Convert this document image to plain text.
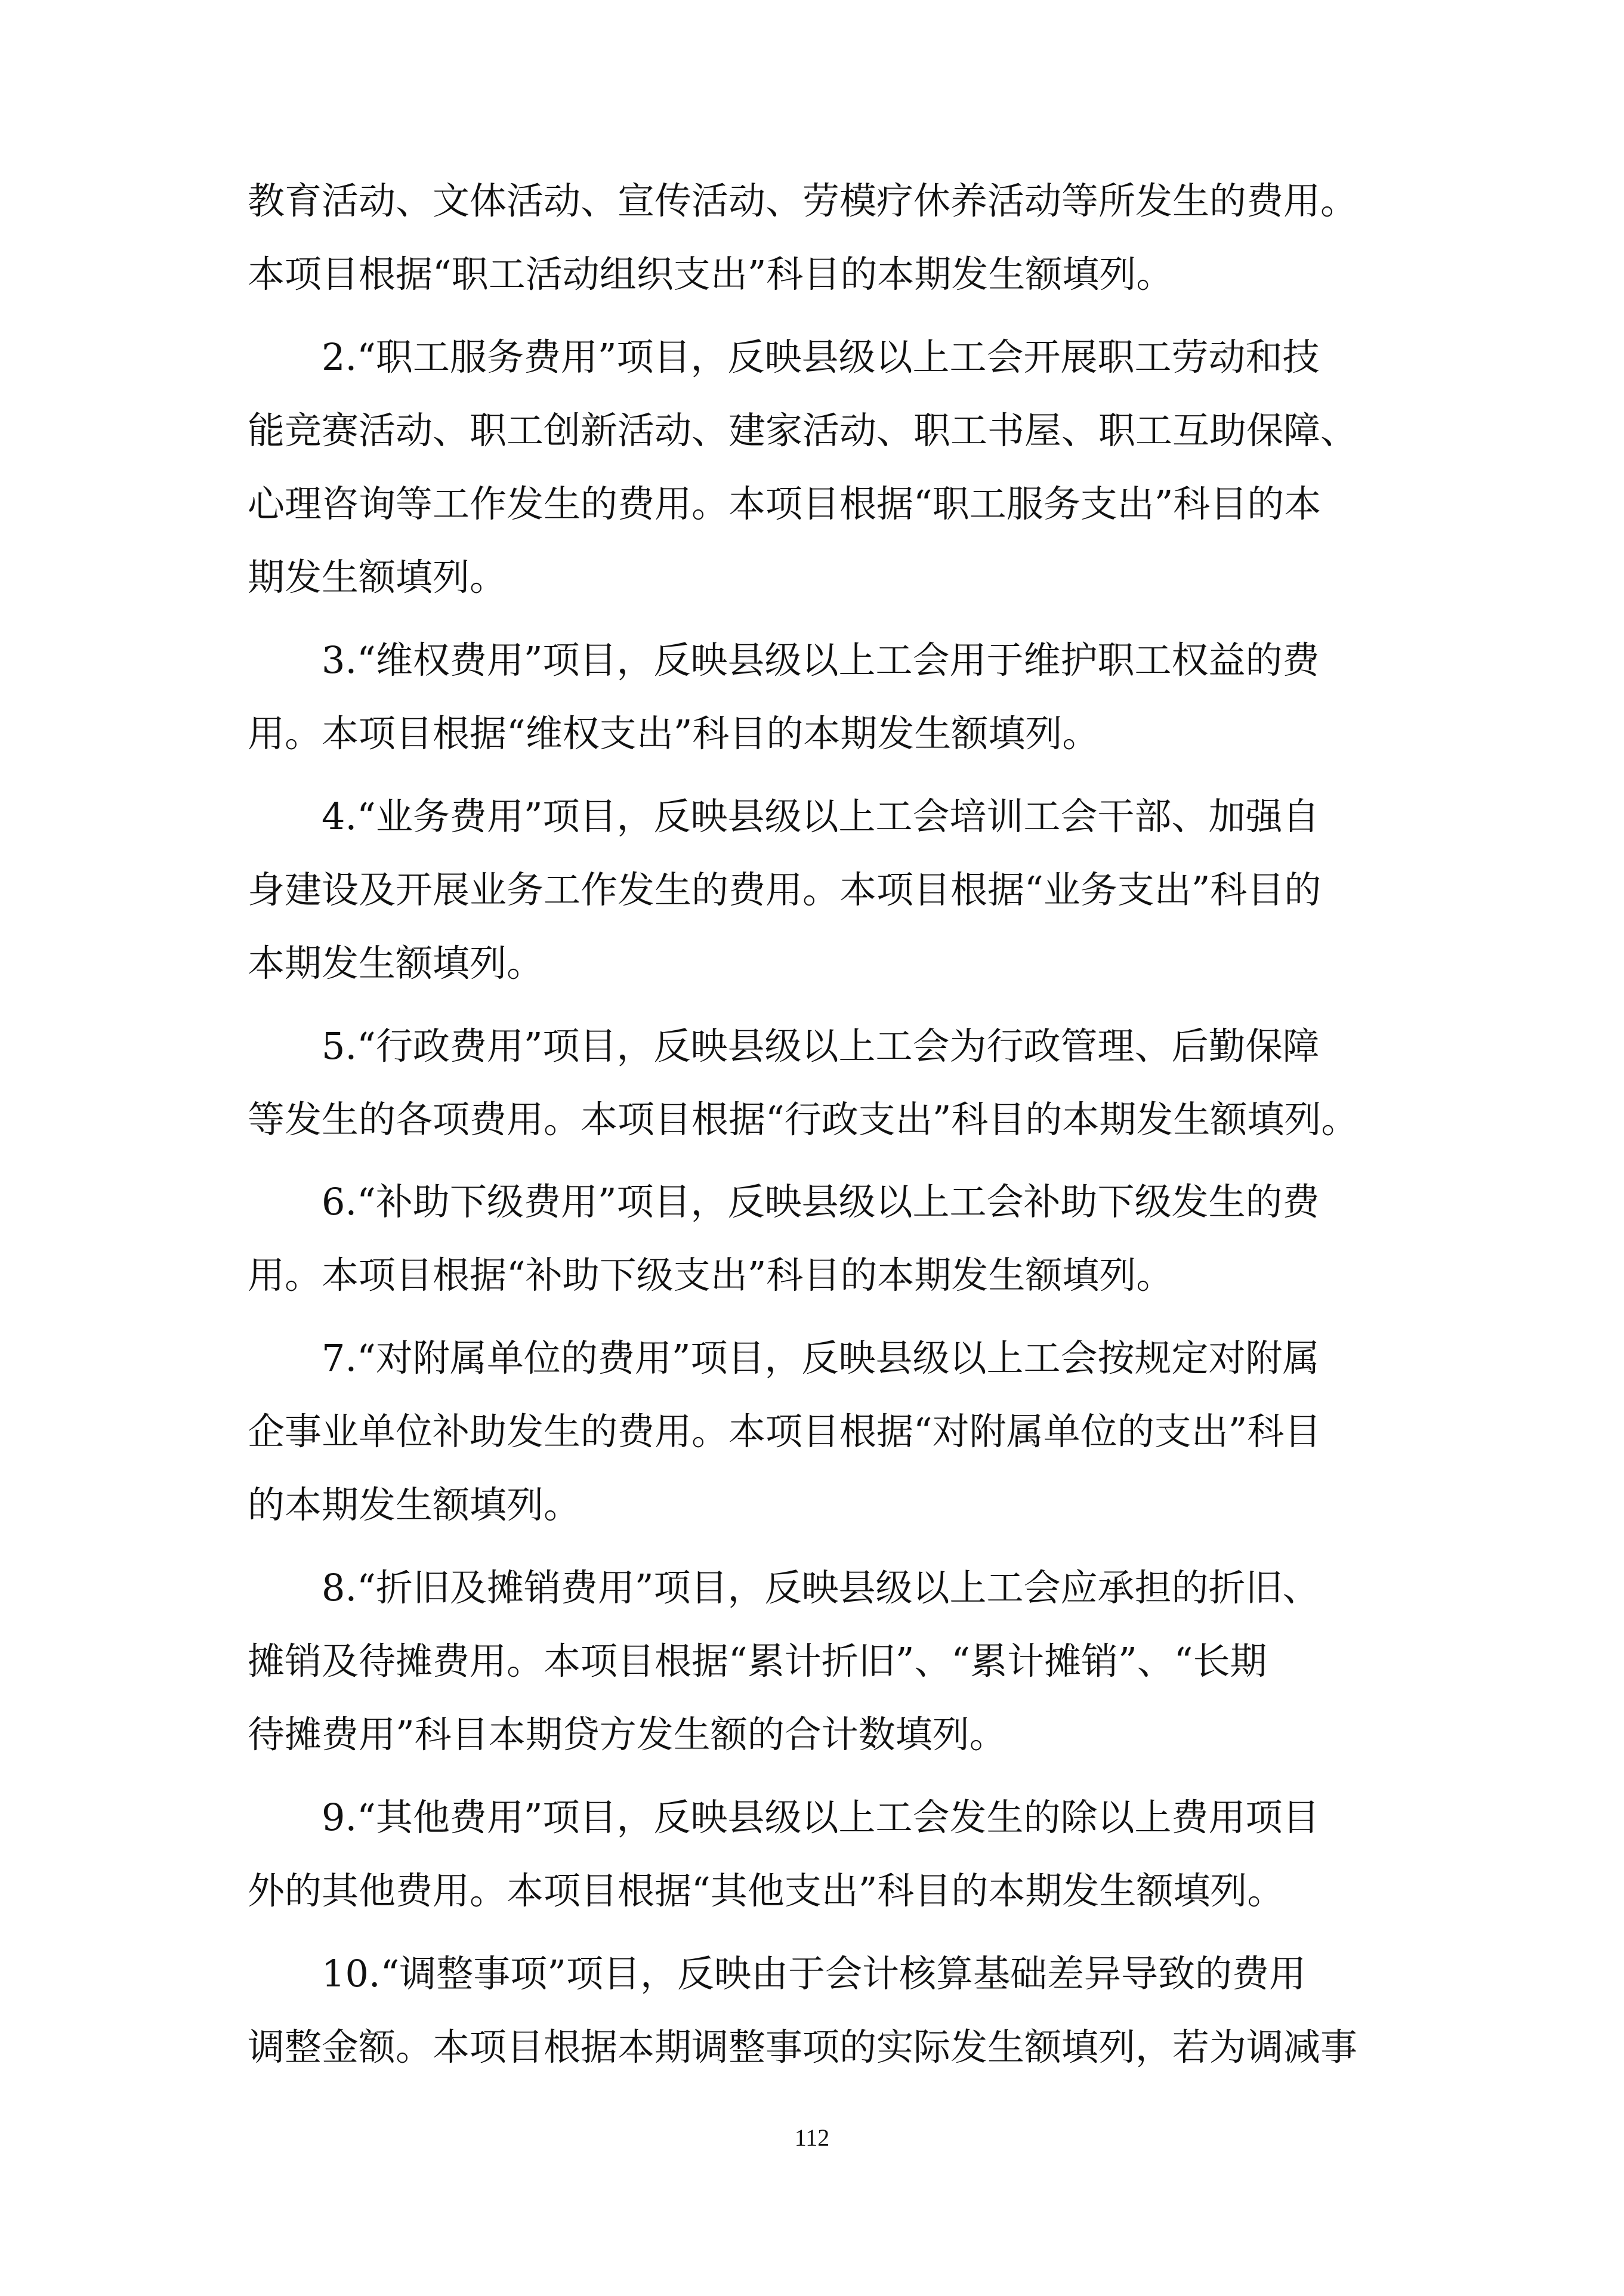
教育活动、文体活动、宣传活动、劳模疗休养活动等所发生的费用。
本项目根据“职工活动组织支出”科目的本期发生额填列。
2.“职工服务费用”项目，反映县级以上工会开展职工劳动和技
能竞赛活动、职工创新活动、建家活动、职工书屋、职工互助保障、
心理咨询等工作发生的费用。本项目根据“职工服务支出”科目的本
期发生额填列。
3.“维权费用”项目，反映县级以上工会用于维护职工权益的费
用。本项目根据“维权支出”科目的本期发生额填列。
4.“业务费用”项目，反映县级以上工会培训工会干部、加强自
身建设及开展业务工作发生的费用。本项目根据“业务支出”科目的
本期发生额填列。
5.“行政费用”项目，反映县级以上工会为行政管理、后勤保障
等发生的各项费用。本项目根据“行政支出”科目的本期发生额填列。
6.“补助下级费用”项目，反映县级以上工会补助下级发生的费
用。本项目根据“补助下级支出”科目的本期发生额填列。
7.“对附属单位的费用”项目，反映县级以上工会按规定对附属
企事业单位补助发生的费用。本项目根据“对附属单位的支出”科目
的本期发生额填列。
8.“折旧及摊销费用”项目，反映县级以上工会应承担的折旧、
摊销及待摊费用。本项目根据“累计折旧”、“累计摊销”、“长期
待摊费用”科目本期贷方发生额的合计数填列。
9.“其他费用”项目，反映县级以上工会发生的除以上费用项目
外的其他费用。本项目根据“其他支出”科目的本期发生额填列。
10.“调整事项”项目，反映由于会计核算基础差异导致的费用
调整金额。本项目根据本期调整事项的实际发生额填列，若为调减事
112
